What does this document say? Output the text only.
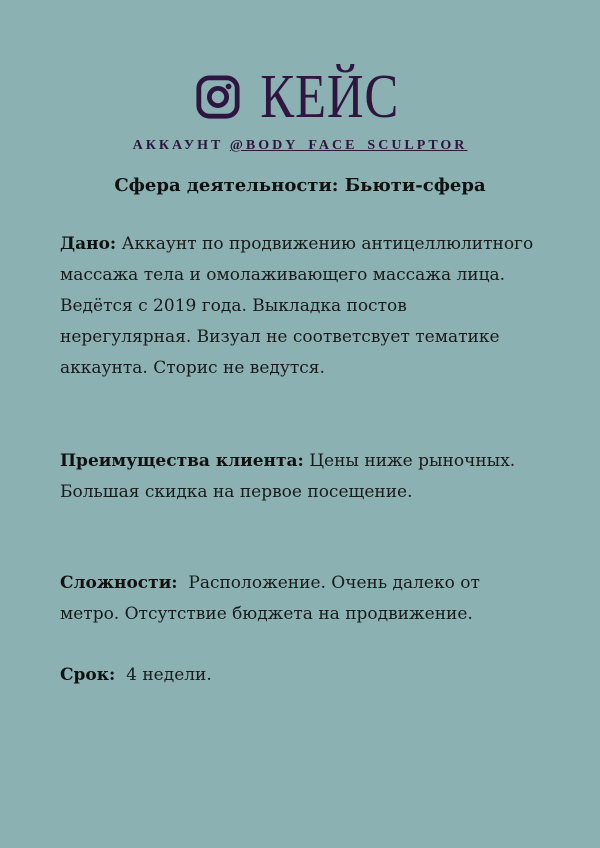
КЕЙС
АККАУНТ @BODY_FACE_SCULPTOR
Сфера деятельности: Бьюти-сфера
Дано: Аккаунт по продвижению антицеллюлитного массажа тела и омолаживающего массажа лица. Ведётся с 2019 года. Выкладка постов нерегулярная. Визуал не соответсвует тематике аккаунта. Сторис не ведутся.
Преимущества клиента: Цены ниже рыночных. Большая скидка на первое посещение.
Сложности:  Расположение. Очень далеко от метро. Отсутствие бюджета на продвижение.
Срок:  4 недели.
